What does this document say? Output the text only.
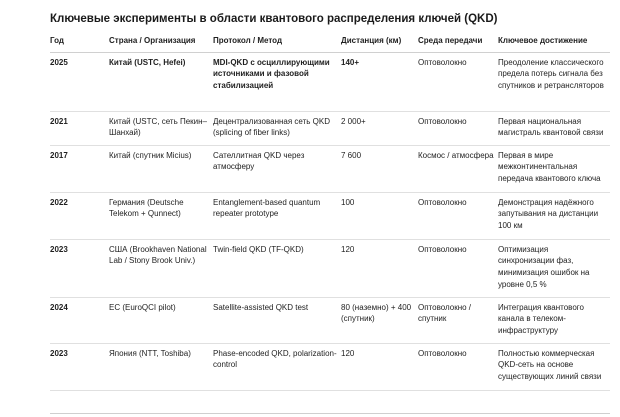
Ключевые эксперименты в области квантового распределения ключей (QKD)
Год	Страна / Организация	Протокол / Метод	Дистанция (км)	Среда передачи	Ключевое достижение
2025	Китай (USTC, Hefei)	MDI-QKD с осциллирующими источниками и фазовой стабилизацией	140+	Оптоволокно	Преодоление классического предела потерь сигнала без спутников и ретрансляторов
2021	Китай (USTC, сеть Пекин–Шанхай)	Децентрализованная сеть QKD (splicing of fiber links)	2 000+	Оптоволокно	Первая национальная магистраль квантовой связи
2017	Китай (спутник Micius)	Сателлитная QKD через атмосферу	7 600	Космос / атмосфера	Первая в мире межконтинентальная передача квантового ключа
2022	Германия (Deutsche Telekom + Qunnect)	Entanglement-based quantum repeater prototype	100	Оптоволокно	Демонстрация надёжного запутывания на дистанции 100 км
2023	США (Brookhaven National Lab / Stony Brook Univ.)	Twin-field QKD (TF-QKD)	120	Оптоволокно	Оптимизация синхронизации фаз, минимизация ошибок на уровне 0,5 %
2024	ЕС (EuroQCI pilot)	Satellite-assisted QKD test	80 (наземно) + 400 (спутник)	Оптоволокно / спутник	Интеграция квантового канала в телеком-инфраструктуру
2023	Япония (NTT, Toshiba)	Phase-encoded QKD, polarization-control	120	Оптоволокно	Полностью коммерческая QKD-сеть на основе существующих линий связи
